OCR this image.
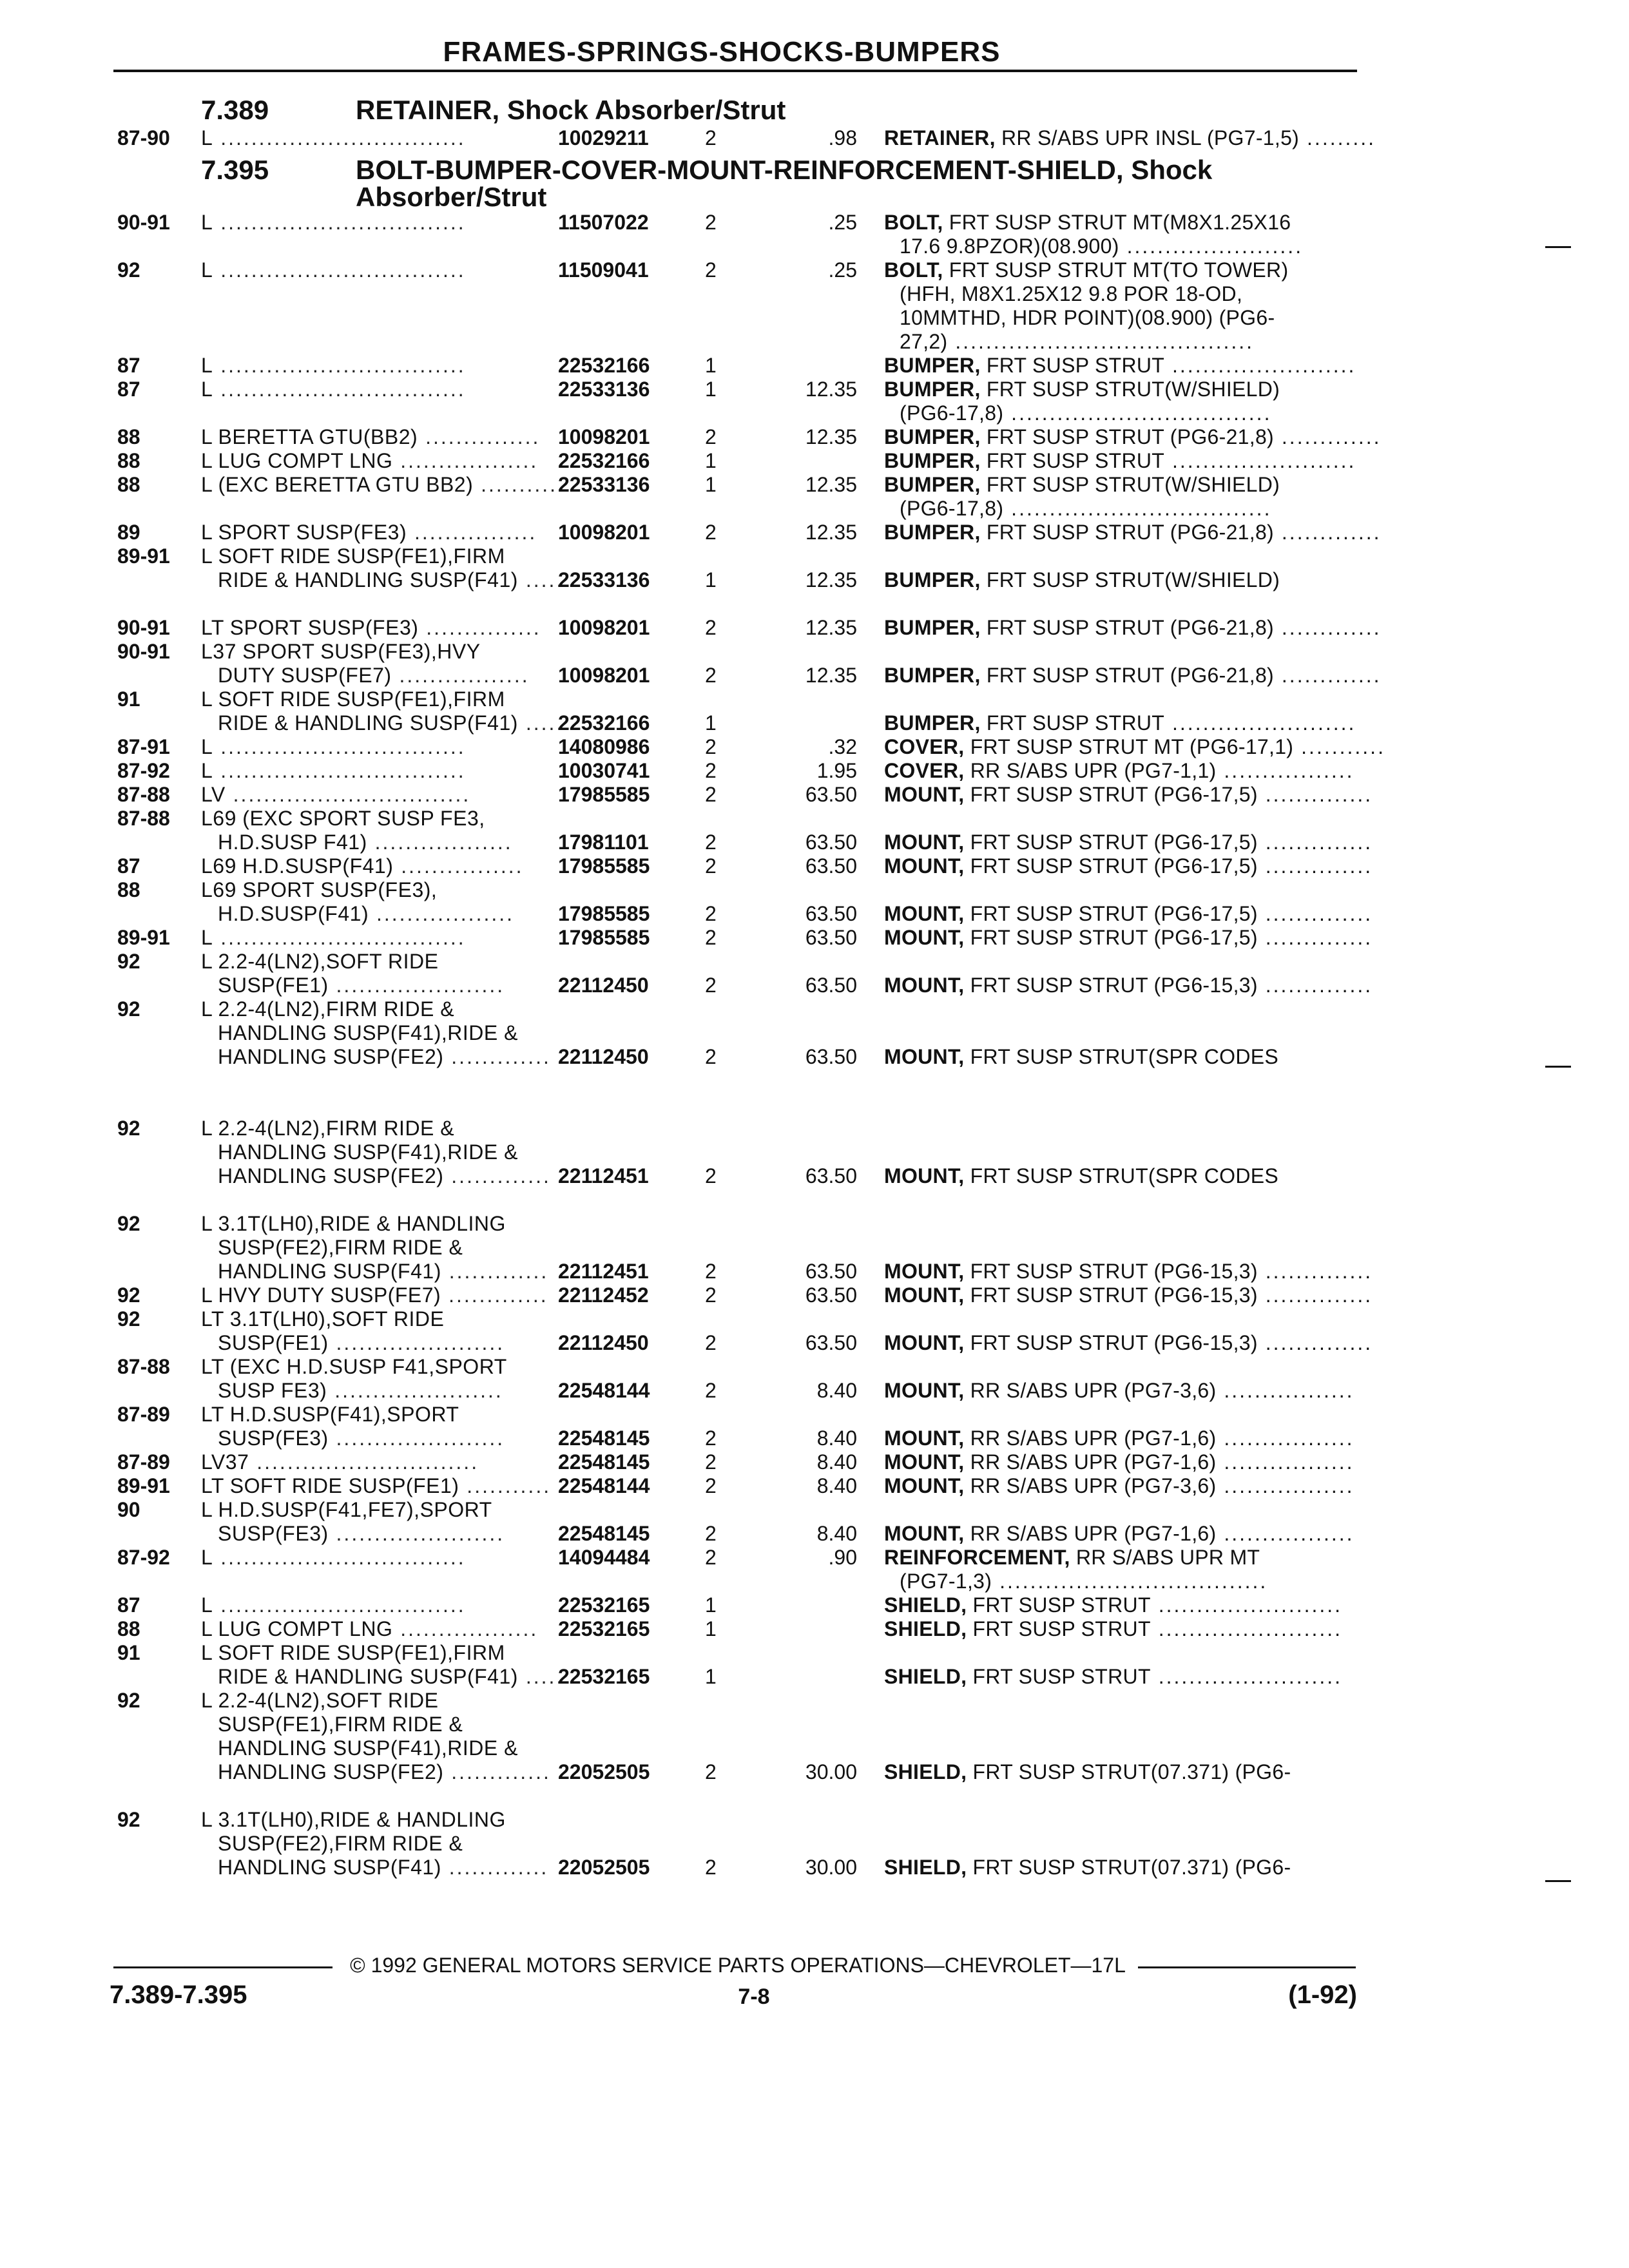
FRAMES-SPRINGS-SHOCKS-BUMPERS
7.389	RETAINER, Shock Absorber/Strut
87-90	L ................................	10029211	2	.98 RETAINER, RR S/ABS UPR INSL (PG7-1,5) .........
7.395	BOLT-BUMPER-COVER-MOUNT-REINFORCEMENT-SHIELD, Shock Absorber/Strut
90-91	L ................................	11507022	2	.25 BOLT, FRT SUSP STRUT MT(M8X1.25X16
17.6 9.8PZOR)(08.900) .......................
92	L ................................	11509041	2	.25 BOLT, FRT SUSP STRUT MT(TO TOWER)
(HFH, M8X1.25X12 9.8 POR 18-OD,
10MMTHD, HDR POINT)(08.900) (PG6-
27,2) .......................................
87	L ................................	22532166	1	BUMPER, FRT SUSP STRUT ........................
87	L ................................	22533136	1	12.35 BUMPER, FRT SUSP STRUT(W/SHIELD)
(PG6-17,8) ..................................
88	L BERETTA GTU(BB2) ............... 10098201	2	12.35 BUMPER, FRT SUSP STRUT (PG6-21,8) .............
88	L LUG COMPT LNG .................. 22532166	1	BUMPER, FRT SUSP STRUT ........................
88	L (EXC BERETTA GTU BB2) .......... 22533136	1	12.35 BUMPER, FRT SUSP STRUT(W/SHIELD)
(PG6-17,8) ..................................
89	L SPORT SUSP(FE3) ................	10098201	2	12.35 BUMPER, FRT SUSP STRUT (PG6-21,8) .............
89-91	L SOFT RIDE SUSP(FE1),FIRM
RIDE & HANDLING SUSP(F41) ......
22533136	1	12.35 BUMPER, FRT SUSP STRUT(W/SHIELD)
90-91	LT SPORT SUSP(FE3) ............... 10098201	2	12.35 BUMPER, FRT SUSP STRUT (PG6-21,8) .............
90-91	L37 SPORT SUSP(FE3),HVY
DUTY SUSP(FE7) .................	10098201	2	12.35 BUMPER, FRT SUSP STRUT (PG6-21,8) .............
91	L SOFT RIDE SUSP(FE1),FIRM
RIDE & HANDLING SUSP(F41) ......
22532166	1	BUMPER, FRT SUSP STRUT ........................
87-91	L ................................	14080986	2	.32 COVER, FRT SUSP STRUT MT (PG6-17,1) ...........
87-92	L ................................	10030741	2	1.95 COVER, RR S/ABS UPR (PG7-1,1) .................
87-88	LV ...............................	17985585	2	63.50 MOUNT, FRT SUSP STRUT (PG6-17,5) ..............
87-88	L69 (EXC SPORT SUSP FE3,
H.D.SUSP F41) ..................	17981101	2	63.50 MOUNT, FRT SUSP STRUT (PG6-17,5) ..............
87	L69 H.D.SUSP(F41) ................	17985585	2	63.50 MOUNT, FRT SUSP STRUT (PG6-17,5) ..............
88	L69 SPORT SUSP(FE3),
H.D.SUSP(F41) ..................	17985585	2	63.50 MOUNT, FRT SUSP STRUT (PG6-17,5) ..............
89-91	L ................................	17985585	2	63.50 MOUNT, FRT SUSP STRUT (PG6-17,5) ..............
92	L 2.2-4(LN2),SOFT RIDE
SUSP(FE1) ......................	22112450	2	63.50 MOUNT, FRT SUSP STRUT (PG6-15,3) ..............
92	L 2.2-4(LN2),FIRM RIDE &
HANDLING SUSP(F41),RIDE &
HANDLING SUSP(FE2) ............. 22112450	2	63.50 MOUNT, FRT SUSP STRUT(SPR CODES
92	L 2.2-4(LN2),FIRM RIDE &
HANDLING SUSP(F41),RIDE &
HANDLING SUSP(FE2) ............. 22112451	2	63.50 MOUNT, FRT SUSP STRUT(SPR CODES
92	L 3.1T(LH0),RIDE & HANDLING
SUSP(FE2),FIRM RIDE &
HANDLING SUSP(F41) ............. 22112451	2	63.50 MOUNT, FRT SUSP STRUT (PG6-15,3) ..............
92	L HVY DUTY SUSP(FE7) ............. 22112452	2	63.50 MOUNT, FRT SUSP STRUT (PG6-15,3) ..............
92	LT 3.1T(LH0),SOFT RIDE
SUSP(FE1) ......................	22112450	2	63.50 MOUNT, FRT SUSP STRUT (PG6-15,3) ..............
87-88	LT (EXC H.D.SUSP F41,SPORT
SUSP FE3) ......................	22548144	2	8.40 MOUNT, RR S/ABS UPR (PG7-3,6) .................
87-89	LT H.D.SUSP(F41),SPORT
SUSP(FE3) ......................	22548145	2	8.40 MOUNT, RR S/ABS UPR (PG7-1,6) .................
87-89	LV37 .............................	22548145	2	8.40 MOUNT, RR S/ABS UPR (PG7-1,6) .................
89-91	LT SOFT RIDE SUSP(FE1) ........... 22548144	2	8.40 MOUNT, RR S/ABS UPR (PG7-3,6) .................
90	L H.D.SUSP(F41,FE7),SPORT
SUSP(FE3) ......................	22548145	2	8.40 MOUNT, RR S/ABS UPR (PG7-1,6) .................
87-92	L ................................	14094484	2	.90 REINFORCEMENT, RR S/ABS UPR MT
(PG7-1,3) ...................................
87	L ................................	22532165	1	SHIELD, FRT SUSP STRUT ........................
88	L LUG COMPT LNG .................. 22532165	1	SHIELD, FRT SUSP STRUT ........................
91	L SOFT RIDE SUSP(FE1),FIRM
RIDE & HANDLING SUSP(F41) ......
22532165	1	SHIELD, FRT SUSP STRUT ........................
92	L 2.2-4(LN2),SOFT RIDE
SUSP(FE1),FIRM RIDE &
HANDLING SUSP(F41),RIDE &
HANDLING SUSP(FE2) ............. 22052505	2	30.00 SHIELD, FRT SUSP STRUT(07.371) (PG6-
92	L 3.1T(LH0),RIDE & HANDLING
SUSP(FE2),FIRM RIDE &
HANDLING SUSP(F41) ............. 22052505	2	30.00 SHIELD, FRT SUSP STRUT(07.371) (PG6-
© 1992 GENERAL MOTORS SERVICE PARTS OPERATIONS—CHEVROLET—17L
7.389-7.395	7-8	(1-92)
